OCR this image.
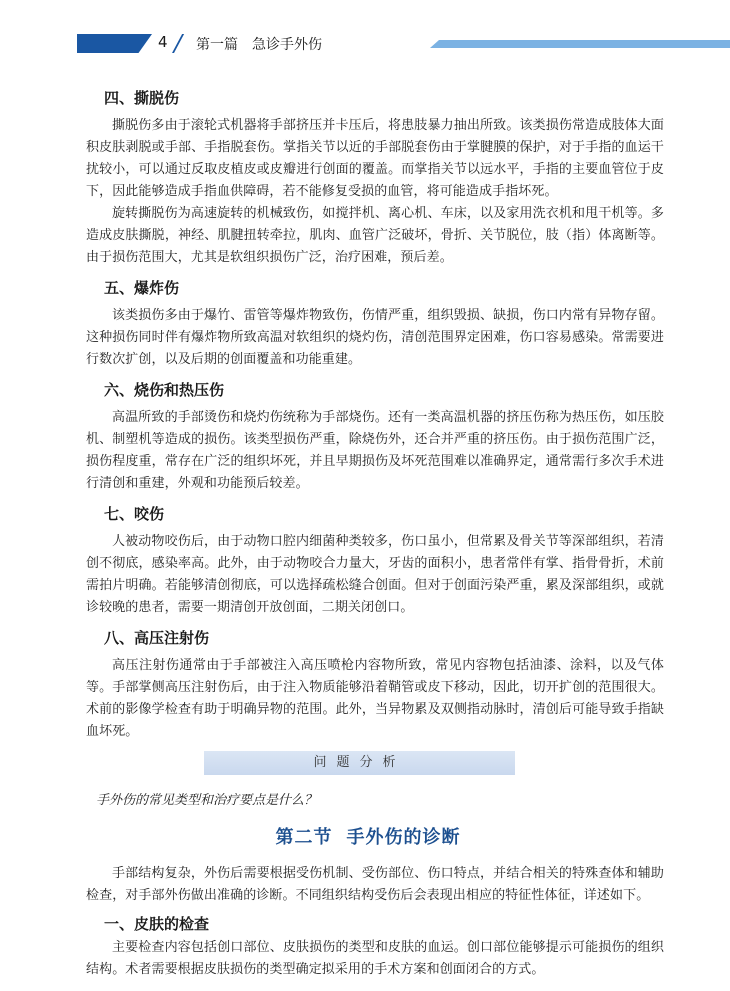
4 第一篇　急诊手外伤
四、撕脱伤

撕脱伤多由于滚轮式机器将手部挤压并卡压后，将患肢暴力抽出所致。该类损伤常造成肢体大面积皮肤剥脱或手部、手指脱套伤。掌指关节以近的手部脱套伤由于掌腱膜的保护，对于手指的血运干扰较小，可以通过反取皮植皮或皮瓣进行创面的覆盖。而掌指关节以远水平，手指的主要血管位于皮下，因此能够造成手指血供障碍，若不能修复受损的血管，将可能造成手指坏死。

旋转撕脱伤为高速旋转的机械致伤，如搅拌机、离心机、车床，以及家用洗衣机和甩干机等。多造成皮肤撕脱，神经、肌腱扭转牵拉，肌肉、血管广泛破坏，骨折、关节脱位，肢（指）体离断等。由于损伤范围大，尤其是软组织损伤广泛，治疗困难，预后差。

五、爆炸伤

该类损伤多由于爆竹、雷管等爆炸物致伤，伤情严重，组织毁损、缺损，伤口内常有异物存留。这种损伤同时伴有爆炸物所致高温对软组织的烧灼伤，清创范围界定困难，伤口容易感染。常需要进行数次扩创，以及后期的创面覆盖和功能重建。

六、烧伤和热压伤

高温所致的手部烫伤和烧灼伤统称为手部烧伤。还有一类高温机器的挤压伤称为热压伤，如压胶机、制塑机等造成的损伤。该类型损伤严重，除烧伤外，还合并严重的挤压伤。由于损伤范围广泛，损伤程度重，常存在广泛的组织坏死，并且早期损伤及坏死范围难以准确界定，通常需行多次手术进行清创和重建，外观和功能预后较差。

七、咬伤

人被动物咬伤后，由于动物口腔内细菌种类较多，伤口虽小，但常累及骨关节等深部组织，若清创不彻底，感染率高。此外，由于动物咬合力量大，牙齿的面积小，患者常伴有掌、指骨骨折，术前需拍片明确。若能够清创彻底，可以选择疏松缝合创面。但对于创面污染严重，累及深部组织，或就诊较晚的患者，需要一期清创开放创面，二期关闭创口。

八、高压注射伤

高压注射伤通常由于手部被注入高压喷枪内容物所致，常见内容物包括油漆、涂料，以及气体等。手部掌侧高压注射伤后，由于注入物质能够沿着鞘管或皮下移动，因此，切开扩创的范围很大。术前的影像学检查有助于明确异物的范围。此外，当异物累及双侧指动脉时，清创后可能导致手指缺血坏死。

问题分析
手外伤的常见类型和治疗要点是什么？
第二节 手外伤的诊断

手部结构复杂，外伤后需要根据受伤机制、受伤部位、伤口特点，并结合相关的特殊查体和辅助检查，对手部外伤做出准确的诊断。不同组织结构受伤后会表现出相应的特征性体征，详述如下。

一、皮肤的检查

主要检查内容包括创口部位、皮肤损伤的类型和皮肤的血运。创口部位能够提示可能损伤的组织结构。术者需要根据皮肤损伤的类型确定拟采用的手术方案和创面闭合的方式。
